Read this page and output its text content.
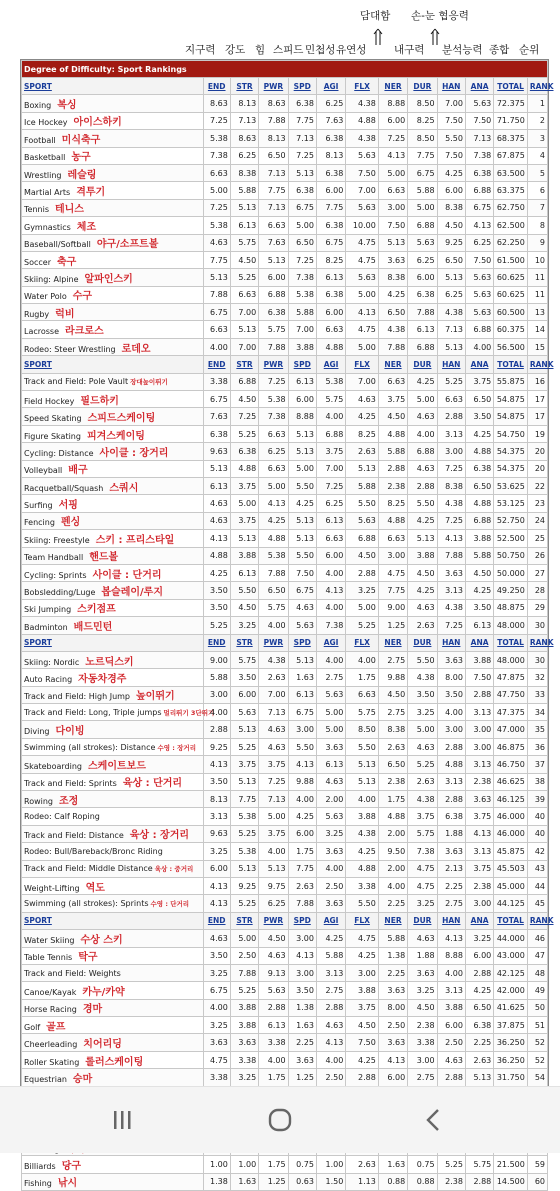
담대함 손-눈 협응력
지구력 강도 힘 스피드 민첩성 유연성	내구력 분석능력 종합 순위
Degree of Difficulty: Sport Rankings												
SPORT	END	STR	PWR	SPD	AGI	FLX	NER	DUR	HAN	ANA	TOTAL	RANK
Boxing 복싱	8.63	8.13	8.63	6.38	6.25	4.38	8.88	8.50	7.00	5.63	72.375	1
Ice Hockey 아이스하키	7.25	7.13	7.88	7.75	7.63	4.88	6.00	8.25	7.50	7.50	71.750	2
Football 미식축구	5.38	8.63	8.13	7.13	6.38	4.38	7.25	8.50	5.50	7.13	68.375	3
Basketball 농구	7.38	6.25	6.50	7.25	8.13	5.63	4.13	7.75	7.50	7.38	67.875	4
Wrestling 레슬링	6.63	8.38	7.13	5.13	6.38	7.50	5.00	6.75	4.25	6.38	63.500	5
Martial Arts 격투기	5.00	5.88	7.75	6.38	6.00	7.00	6.63	5.88	6.00	6.88	63.375	6
Tennis 테니스	7.25	5.13	7.13	6.75	7.75	5.63	3.00	5.00	8.38	6.75	62.750	7
Gymnastics 체조	5.38	6.13	6.63	5.00	6.38	10.00	7.50	6.88	4.50	4.13	62.500	8
Baseball/Softball 야구/소프트볼	4.63	5.75	7.63	6.50	6.75	4.75	5.13	5.63	9.25	6.25	62.250	9
Soccer 축구	7.75	4.50	5.13	7.25	8.25	4.75	3.63	6.25	6.50	7.50	61.500	10
Skiing: Alpine 알파인스키	5.13	5.25	6.00	7.38	6.13	5.63	8.38	6.00	5.13	5.63	60.625	11
Water Polo 수구	7.88	6.63	6.88	5.38	6.38	5.00	4.25	6.38	6.25	5.63	60.625	11
Rugby 럭비	6.75	7.00	6.38	5.88	6.00	4.13	6.50	7.88	4.38	5.63	60.500	13
Lacrosse 라크로스	6.63	5.13	5.75	7.00	6.63	4.75	4.38	6.13	7.13	6.88	60.375	14
Rodeo: Steer Wrestling 로데오	4.00	7.00	7.88	3.88	4.88	5.00	7.88	6.88	5.13	4.00	56.500	15
SPORT	END	STR	PWR	SPD	AGI	FLX	NER	DUR	HAN	ANA	TOTAL	RANK
Track and Field: Pole Vault 장대높이뛰기	3.38	6.88	7.25	6.13	5.38	7.00	6.63	4.25	5.25	3.75	55.875	16
Field Hockey 필드하키	6.75	4.50	5.38	6.00	5.75	4.63	3.75	5.00	6.63	6.50	54.875	17
Speed Skating 스피드스케이팅	7.63	7.25	7.38	8.88	4.00	4.25	4.50	4.63	2.88	3.50	54.875	17
Figure Skating 피겨스케이팅	6.38	5.25	6.63	5.13	6.88	8.25	4.88	4.00	3.13	4.25	54.750	19
Cycling: Distance 사이클 : 장거리	9.63	6.38	6.25	5.13	3.75	2.63	5.88	6.88	3.00	4.88	54.375	20
Volleyball 배구	5.13	4.88	6.63	5.00	7.00	5.13	2.88	4.63	7.25	6.38	54.375	20
Racquetball/Squash 스쿼시	6.13	3.75	5.00	5.50	7.25	5.88	2.38	2.88	8.38	6.50	53.625	22
Surfing 서핑	4.63	5.00	4.13	4.25	6.25	5.50	8.25	5.50	4.38	4.88	53.125	23
Fencing 펜싱	4.63	3.75	4.25	5.13	6.13	5.63	4.88	4.25	7.25	6.88	52.750	24
Skiing: Freestyle 스키 : 프리스타일	4.13	5.13	4.88	5.13	6.63	6.88	6.63	5.13	4.13	3.88	52.500	25
Team Handball 핸드볼	4.88	3.88	5.38	5.50	6.00	4.50	3.00	3.88	7.88	5.88	50.750	26
Cycling: Sprints 사이클 : 단거리	4.25	6.13	7.88	7.50	4.00	2.88	4.75	4.50	3.63	4.50	50.000	27
Bobsledding/Luge 봅슬레이/루지	3.50	5.50	6.50	6.75	4.13	3.25	7.75	4.25	3.13	4.25	49.250	28
Ski Jumping 스키점프	3.50	4.50	5.75	4.63	4.00	5.00	9.00	4.63	4.38	3.50	48.875	29
Badminton 배드민턴	5.25	3.25	4.00	5.63	7.38	5.25	1.25	2.63	7.25	6.13	48.000	30
SPORT	END	STR	PWR	SPD	AGI	FLX	NER	DUR	HAN	ANA	TOTAL	RANK
Skiing: Nordic 노르딕스키	9.00	5.75	4.38	5.13	4.00	4.00	2.75	5.50	3.63	3.88	48.000	30
Auto Racing 자동차경주	5.88	3.50	2.63	1.63	2.75	1.75	9.88	4.38	8.00	7.50	47.875	32
Track and Field: High Jump 높이뛰기	3.00	6.00	7.00	6.13	5.63	6.63	4.50	3.50	3.50	2.88	47.750	33
Track and Field: Long, Triple jumps 멀리뛰기 3단뛰기	4.00	5.63	7.13	6.75	5.00	5.75	2.75	3.25	4.00	3.13	47.375	34
Diving 다이빙	2.88	5.13	4.63	3.00	5.00	8.50	8.38	5.00	3.00	3.00	47.000	35
Swimming (all strokes): Distance 수영 : 장거리	9.25	5.25	4.63	5.50	3.63	5.50	2.63	4.63	2.88	3.00	46.875	36
Skateboarding 스케이트보드	4.13	3.75	3.75	4.13	6.13	5.13	6.50	5.25	4.88	3.13	46.750	37
Track and Field: Sprints 육상 : 단거리	3.50	5.13	7.25	9.88	4.63	5.13	2.38	2.63	3.13	2.38	46.625	38
Rowing 조정	8.13	7.75	7.13	4.00	2.00	4.00	1.75	4.38	2.88	3.63	46.125	39
Rodeo: Calf Roping	3.13	5.38	5.00	4.25	5.63	3.88	4.88	3.75	6.38	3.75	46.000	40
Track and Field: Distance 육상 : 장거리	9.63	5.25	3.75	6.00	3.25	4.38	2.00	5.75	1.88	4.13	46.000	40
Rodeo: Bull/Bareback/Bronc Riding	3.25	5.38	4.00	1.75	3.63	4.25	9.50	7.38	3.63	3.13	45.875	42
Track and Field: Middle Distance 육상 : 중거리	6.00	5.13	5.13	7.75	4.00	4.88	2.00	4.75	2.13	3.75	45.503	43
Weight-Lifting 역도	4.13	9.25	9.75	2.63	2.50	3.38	4.00	4.75	2.25	2.38	45.000	44
Swimming (all strokes): Sprints 수영 : 단거리	4.13	5.25	6.25	7.88	3.63	5.50	2.25	3.25	2.75	3.00	44.125	45
SPORT	END	STR	PWR	SPD	AGI	FLX	NER	DUR	HAN	ANA	TOTAL	RANK
Water Skiing 수상 스키	4.63	5.00	4.50	3.00	4.25	4.75	5.88	4.63	4.13	3.25	44.000	46
Table Tennis 탁구	3.50	2.50	4.63	4.13	5.88	4.25	1.38	1.88	8.88	6.00	43.000	47
Track and Field: Weights	3.25	7.88	9.13	3.00	3.13	3.00	2.25	3.63	4.00	2.88	42.125	48
Canoe/Kayak 카누/카약	6.75	5.25	5.63	3.50	2.75	3.88	3.63	3.25	3.13	4.25	42.000	49
Horse Racing 경마	4.00	3.88	2.88	1.38	2.88	3.75	8.00	4.50	3.88	6.50	41.625	50
Golf 골프	3.25	3.88	6.13	1.63	4.63	4.50	2.50	2.38	6.00	6.38	37.875	51
Cheerleading 치어리딩	3.63	3.63	3.38	2.25	4.13	7.50	3.63	3.38	2.50	2.25	36.250	52
Roller Skating 롤러스케이팅	4.75	3.38	4.00	3.63	4.00	4.25	4.13	3.00	4.63	2.63	36.250	52
Equestrian 승마	3.38	3.25	1.75	1.25	2.50	2.88	6.00	2.75	2.88	5.13	31.750	54

Billiards 당구	1.00	1.00	1.75	0.75	1.00	2.63	1.63	0.75	5.25	5.75	21.500	59
Fishing 낚시	1.38	1.63	1.25	0.63	1.50	1.13	0.88	0.88	2.38	2.88	14.500	60
